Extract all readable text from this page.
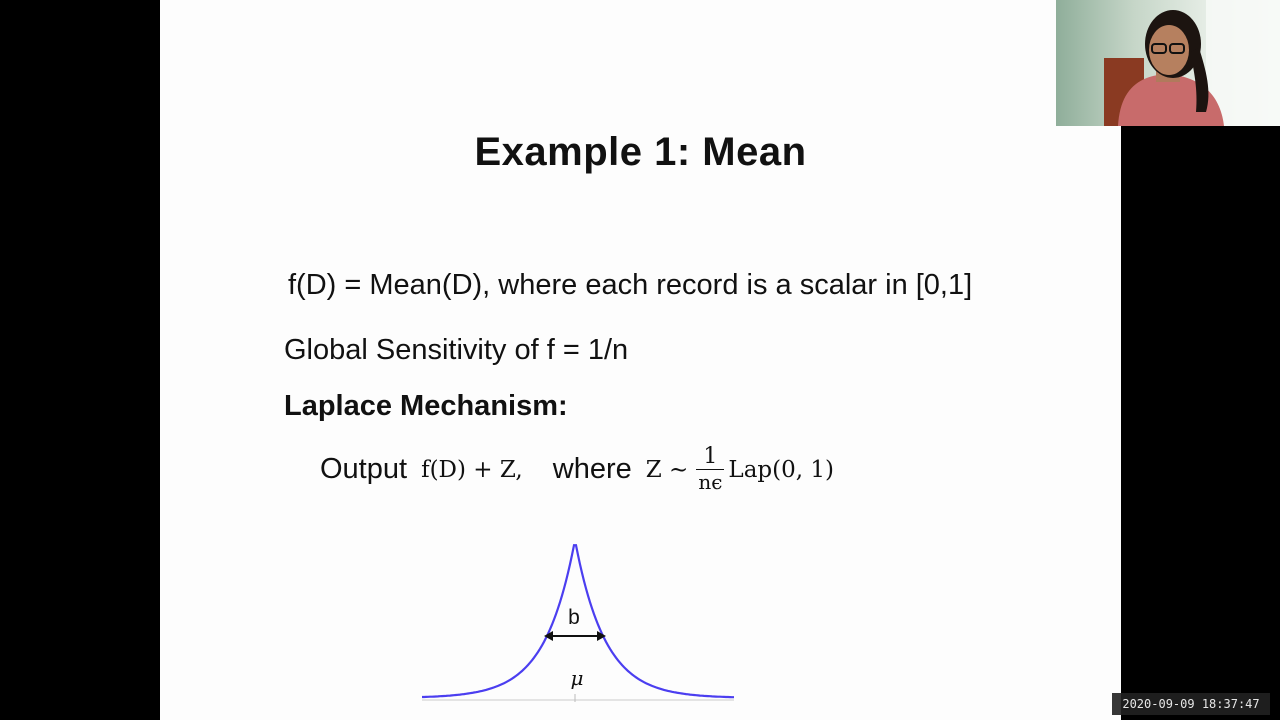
Example 1: Mean
f(D) = Mean(D), where each record is a scalar in [0,1]
Global Sensitivity of f = 1/n
Laplace Mechanism:
Output f(D) + Z, where Z ∼ $\frac{1}{n\epsilon} Lap(0$, 1)
b
μ
2020-09-09 18:37:47
